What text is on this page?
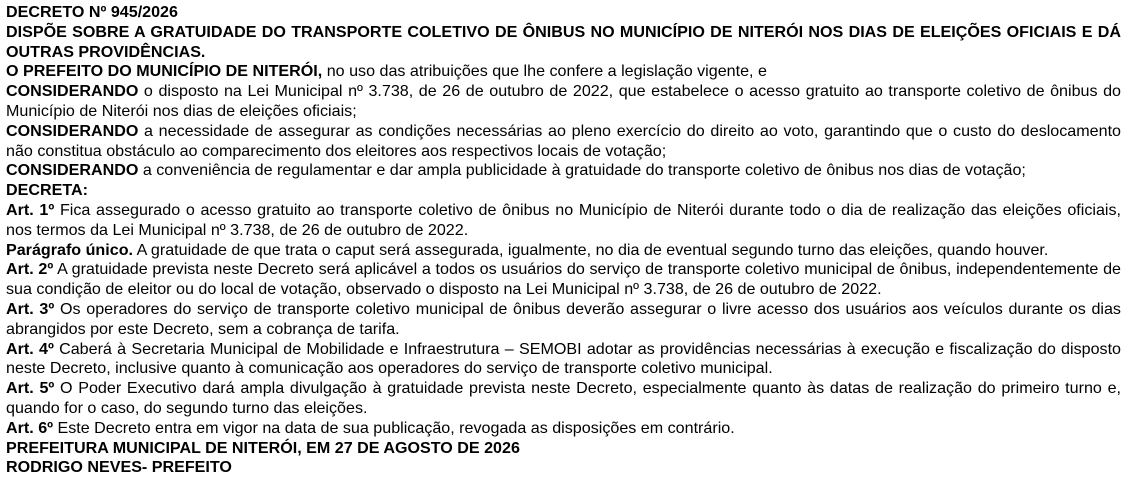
DECRETO Nº 945/2026

DISPÕE SOBRE A GRATUIDADE DO TRANSPORTE COLETIVO DE ÔNIBUS NO MUNICÍPIO DE NITERÓI NOS DIAS DE ELEIÇÕES OFICIAIS E DÁ OUTRAS PROVIDÊNCIAS.

O PREFEITO DO MUNICÍPIO DE NITERÓI, no uso das atribuições que lhe confere a legislação vigente, e

CONSIDERANDO o disposto na Lei Municipal nº 3.738, de 26 de outubro de 2022, que estabelece o acesso gratuito ao transporte coletivo de ônibus do Município de Niterói nos dias de eleições oficiais;

CONSIDERANDO a necessidade de assegurar as condições necessárias ao pleno exercício do direito ao voto, garantindo que o custo do deslocamento não constitua obstáculo ao comparecimento dos eleitores aos respectivos locais de votação;

CONSIDERANDO a conveniência de regulamentar e dar ampla publicidade à gratuidade do transporte coletivo de ônibus nos dias de votação;

DECRETA:

Art. 1º Fica assegurado o acesso gratuito ao transporte coletivo de ônibus no Município de Niterói durante todo o dia de realização das eleições oficiais, nos termos da Lei Municipal nº 3.738, de 26 de outubro de 2022.

Parágrafo único. A gratuidade de que trata o caput será assegurada, igualmente, no dia de eventual segundo turno das eleições, quando houver.

Art. 2º A gratuidade prevista neste Decreto será aplicável a todos os usuários do serviço de transporte coletivo municipal de ônibus, independentemente de sua condição de eleitor ou do local de votação, observado o disposto na Lei Municipal nº 3.738, de 26 de outubro de 2022.

Art. 3º Os operadores do serviço de transporte coletivo municipal de ônibus deverão assegurar o livre acesso dos usuários aos veículos durante os dias abrangidos por este Decreto, sem a cobrança de tarifa.

Art. 4º Caberá à Secretaria Municipal de Mobilidade e Infraestrutura – SEMOBI adotar as providências necessárias à execução e fiscalização do disposto neste Decreto, inclusive quanto à comunicação aos operadores do serviço de transporte coletivo municipal.

Art. 5º O Poder Executivo dará ampla divulgação à gratuidade prevista neste Decreto, especialmente quanto às datas de realização do primeiro turno e, quando for o caso, do segundo turno das eleições.

Art. 6º Este Decreto entra em vigor na data de sua publicação, revogada as disposições em contrário.

PREFEITURA MUNICIPAL DE NITERÓI, EM 27 DE AGOSTO DE 2026

RODRIGO NEVES- PREFEITO
